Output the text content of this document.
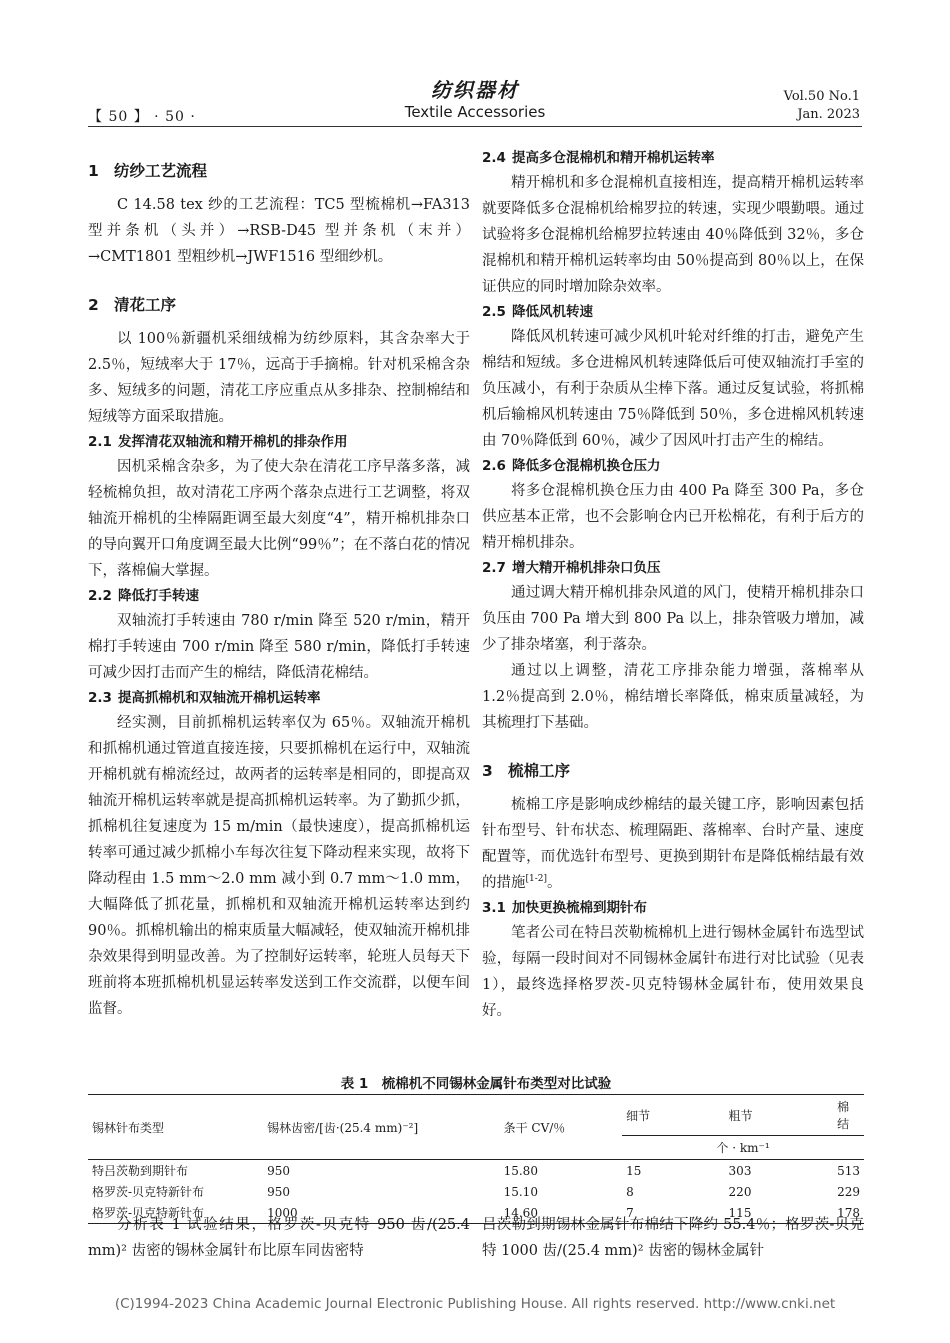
【 50 】 · 50 ·
纺织器材
Textile Accessories
Vol.50 No.1
Jan. 2023
1 纺纱工艺流程

C 14.58 tex 纱的工艺流程：TC5 型梳棉机→FA313 型并条机（头并）→RSB-D45 型并条机（末并）→CMT1801 型粗纱机→JWF1516 型细纱机。

2 清花工序

以 100％新疆机采细绒棉为纺纱原料，其含杂率大于 2.5％，短绒率大于 17％，远高于手摘棉。针对机采棉含杂多、短绒多的问题，清花工序应重点从多排杂、控制棉结和短绒等方面采取措施。

2.1 发挥清花双轴流和精开棉机的排杂作用

因机采棉含杂多，为了使大杂在清花工序早落多落，减轻梳棉负担，故对清花工序两个落杂点进行工艺调整，将双轴流开棉机的尘棒隔距调至最大刻度“4”，精开棉机排杂口的导向翼开口角度调至最大比例“99％”；在不落白花的情况下，落棉偏大掌握。

2.2 降低打手转速

双轴流打手转速由 780 r/min 降至 520 r/min，精开棉打手转速由 700 r/min 降至 580 r/min，降低打手转速可减少因打击而产生的棉结，降低清花棉结。

2.3 提高抓棉机和双轴流开棉机运转率

经实测，目前抓棉机运转率仅为 65％。双轴流开棉机和抓棉机通过管道直接连接，只要抓棉机在运行中，双轴流开棉机就有棉流经过，故两者的运转率是相同的，即提高双轴流开棉机运转率就是提高抓棉机运转率。为了勤抓少抓，抓棉机往复速度为 15 m/min（最快速度），提高抓棉机运转率可通过减少抓棉小车每次往复下降动程来实现，故将下降动程由 1.5 mm～2.0 mm 减小到 0.7 mm～1.0 mm，大幅降低了抓花量，抓棉机和双轴流开棉机运转率达到约 90％。抓棉机输出的棉束质量大幅减轻，使双轴流开棉机排杂效果得到明显改善。为了控制好运转率，轮班人员每天下班前将本班抓棉机机显运转率发送到工作交流群，以便车间监督。

2.4 提高多仓混棉机和精开棉机运转率

精开棉机和多仓混棉机直接相连，提高精开棉机运转率就要降低多仓混棉机给棉罗拉的转速，实现少喂勤喂。通过试验将多仓混棉机给棉罗拉转速由 40％降低到 32％，多仓混棉机和精开棉机运转率均由 50％提高到 80％以上，在保证供应的同时增加除杂效率。

2.5 降低风机转速

降低风机转速可减少风机叶轮对纤维的打击，避免产生棉结和短绒。多仓进棉风机转速降低后可使双轴流打手室的负压减小，有利于杂质从尘棒下落。通过反复试验，将抓棉机后输棉风机转速由 75％降低到 50％，多仓进棉风机转速由 70％降低到 60％，减少了因风叶打击产生的棉结。

2.6 降低多仓混棉机换仓压力

将多仓混棉机换仓压力由 400 Pa 降至 300 Pa，多仓供应基本正常，也不会影响仓内已开松棉花，有利于后方的精开棉机排杂。

2.7 增大精开棉机排杂口负压

通过调大精开棉机排杂风道的风门，使精开棉机排杂口负压由 700 Pa 增大到 800 Pa 以上，排杂管吸力增加，减少了排杂堵塞，利于落杂。

通过以上调整，清花工序排杂能力增强，落棉率从 1.2％提高到 2.0％，棉结增长率降低，棉束质量减轻，为其梳理打下基础。

3 梳棉工序

梳棉工序是影响成纱棉结的最关键工序，影响因素包括针布型号、针布状态、梳理隔距、落棉率、台时产量、速度配置等，而优选针布型号、更换到期针布是降低棉结最有效的措施[1-2]。

3.1 加快更换梳棉到期针布

笔者公司在特吕茨勒梳棉机上进行锡林金属针布选型试验，每隔一段时间对不同锡林金属针布进行对比试验（见表 1），最终选择格罗茨-贝克特锡林金属针布，使用效果良好。

表 1　梳棉机不同锡林金属针布类型对比试验
锡林针布类型	锡林齿密/[齿·(25.4 mm)⁻²]	条干 CV/％	细节	粗节	棉结
			个 · km⁻¹		
特吕茨勒到期针布	950	15.80	15	303	513
格罗茨-贝克特新针布	950	15.10	8	220	229
格罗茨-贝克特新针布	1000	14.60	7	115	178

分析表 1 试验结果，格罗茨-贝克特 950 齿/(25.4 mm)² 齿密的锡林金属针布比原车同齿密特

吕茨勒到期锡林金属针布棉结下降约 55.4％；格罗茨-贝克特 1000 齿/(25.4 mm)² 齿密的锡林金属针

(C)1994-2023 China Academic Journal Electronic Publishing House. All rights reserved. http://www.cnki.net
